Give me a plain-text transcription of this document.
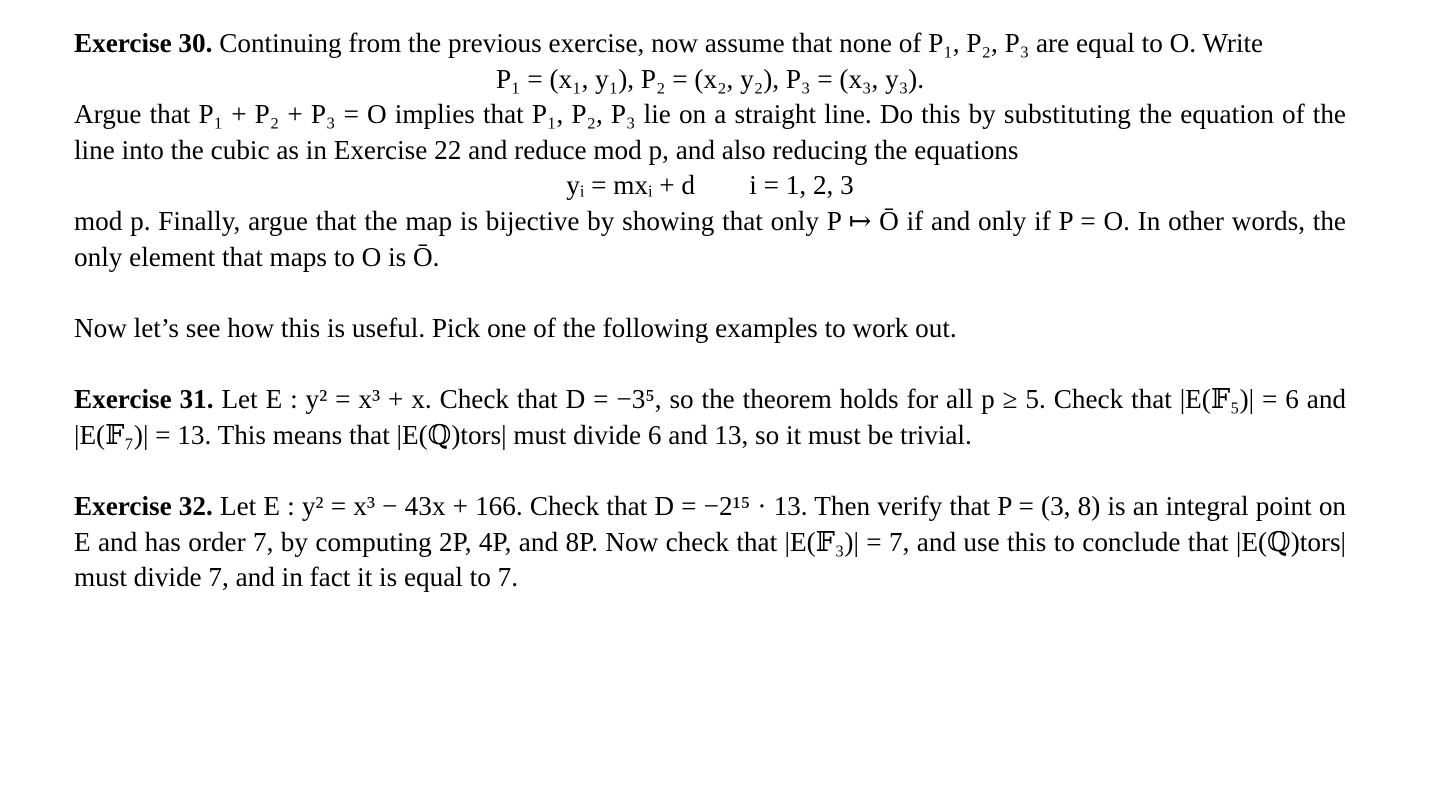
Exercise 30. Continuing from the previous exercise, now assume that none of P₁, P₂, P₃ are equal to O. Write

P₁ = (x₁, y₁), P₂ = (x₂, y₂), P₃ = (x₃, y₃).

Argue that P₁ + P₂ + P₃ = O implies that P₁, P₂, P₃ lie on a straight line. Do this by substituting the equation of the line into the cubic as in Exercise 22 and reduce mod p, and also reducing the equations

yᵢ = mxᵢ + d        i = 1, 2, 3

mod p. Finally, argue that the map is bijective by showing that only P ↦ Ō if and only if P = O. In other words, the only element that maps to O is Ō.

Now let’s see how this is useful. Pick one of the following examples to work out.

Exercise 31. Let E : y² = x³ + x. Check that D = −3⁵, so the theorem holds for all p ≥ 5. Check that |E(𝔽₅)| = 6 and |E(𝔽₇)| = 13. This means that |E(ℚ)tors| must divide 6 and 13, so it must be trivial.

Exercise 32. Let E : y² = x³ − 43x + 166. Check that D = −2¹⁵ · 13. Then verify that P = (3, 8) is an integral point on E and has order 7, by computing 2P, 4P, and 8P. Now check that |E(𝔽₃)| = 7, and use this to conclude that |E(ℚ)tors| must divide 7, and in fact it is equal to 7.
